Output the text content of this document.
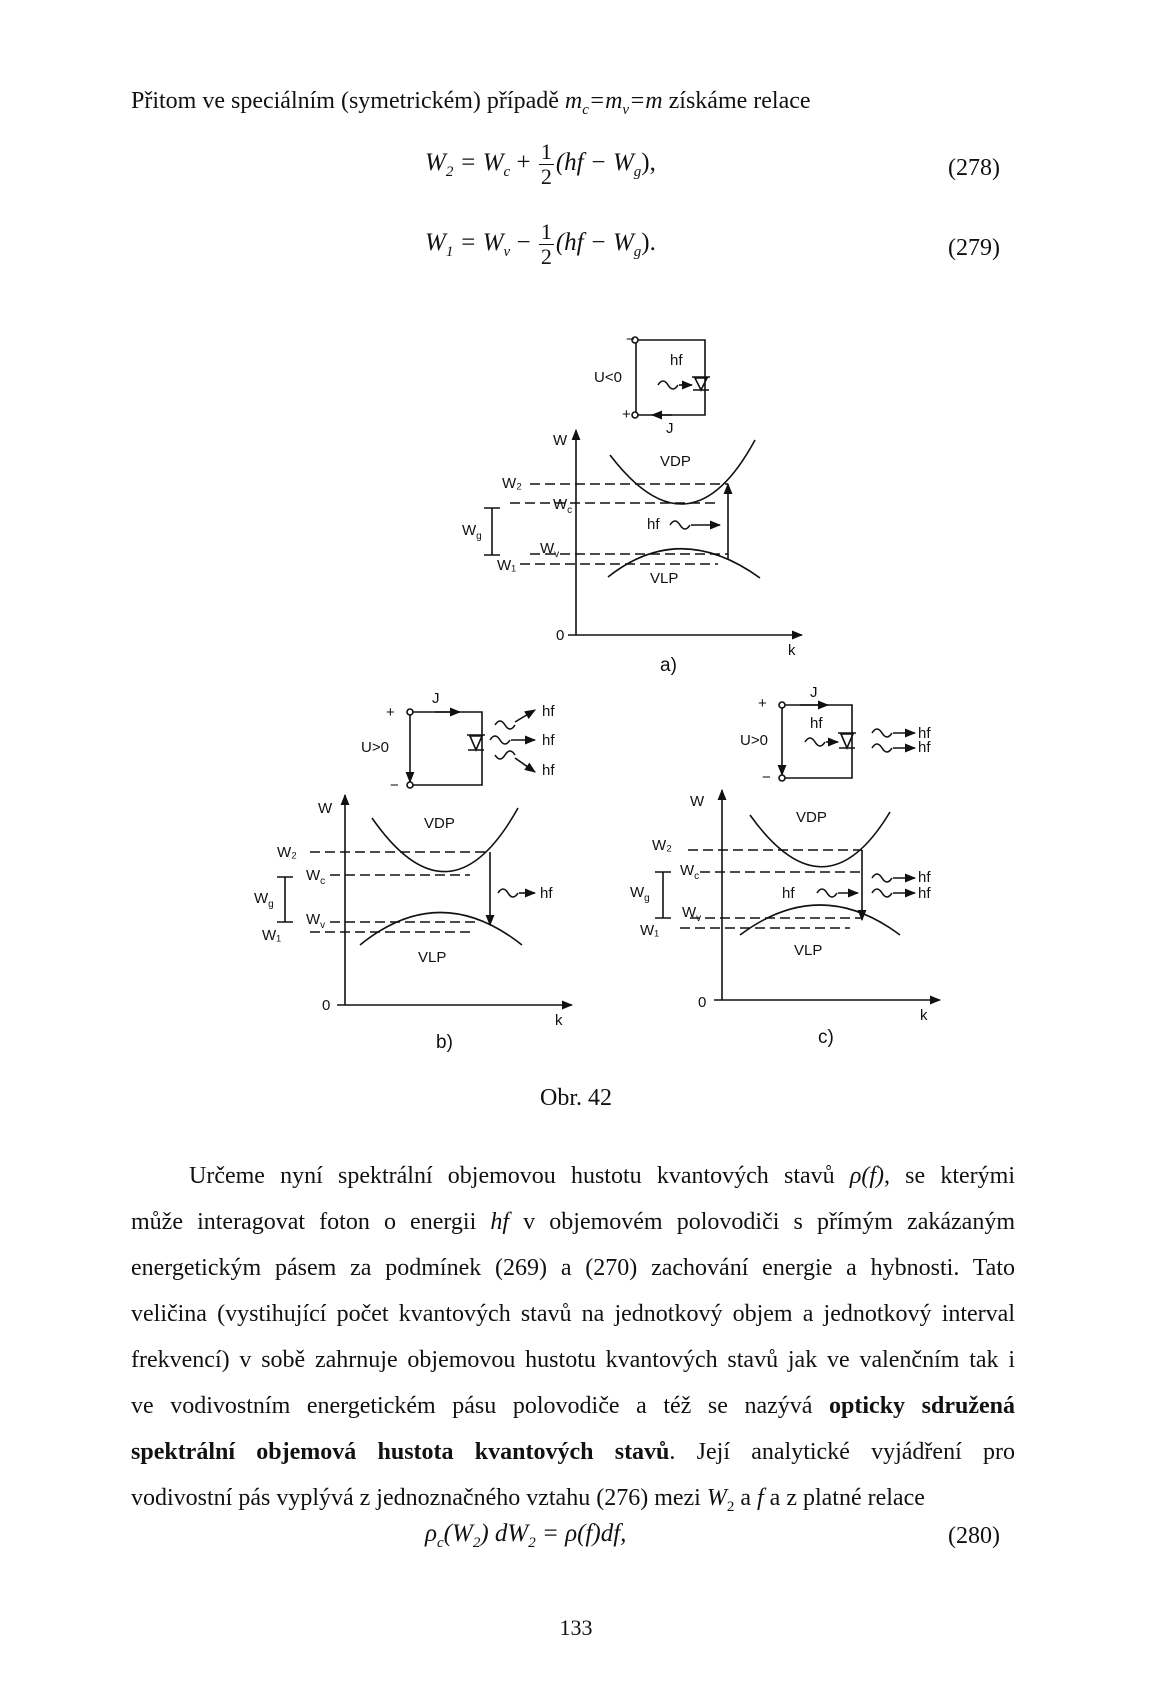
Přitom ve speciálním (symetrickém) případě $m_c=m_v=m$ získáme relace
$W_2 = W_c + \frac{1}{2} (hf - W_g)$,	(278)
$W_1 = W_v - \frac{1}{2} (hf - W_g)$.	(279)
−
U<0
+
J
hf
W
k
0
W₂
$W_c$
$W_g$
$W_v$
W₁
VDP
VLP
hf
a)
+
J
U>0
−
hf
hf
hf
W
k
0
W₂
$W_c$
$W_g$
$W_v$
W₁
VDP
VLP
hf
b)
+
J
U>0
−
hf
hf
hf
W
k
0
W₂
$W_c$
$W_g$
$W_v$
W₁
VDP
VLP
hf
hf
hf
c)
Obr. 42

Určeme nyní spektrální objemovou hustotu kvantových stavů ρ(f), se kterými

může interagovat foton o energii hf v objemovém polovodiči s přímým zakázaným

energetickým pásem za podmínek (269) a (270) zachování energie a hybnosti. Tato

veličina (vystihující počet kvantových stavů na jednotkový objem a jednotkový interval

frekvencí) v sobě zahrnuje objemovou hustotu kvantových stavů jak ve valenčním tak i

ve vodivostním energetickém pásu polovodiče a též se nazývá opticky sdružená

spektrální objemová hustota kvantových stavů. Její analytické vyjádření pro

vodivostní pás vyplývá z jednoznačného vztahu (276) mezi $W_2$ a f a z platné relace

$\rho_c(W_2) dW_2 = \rho(f)df$,	(280)
133
